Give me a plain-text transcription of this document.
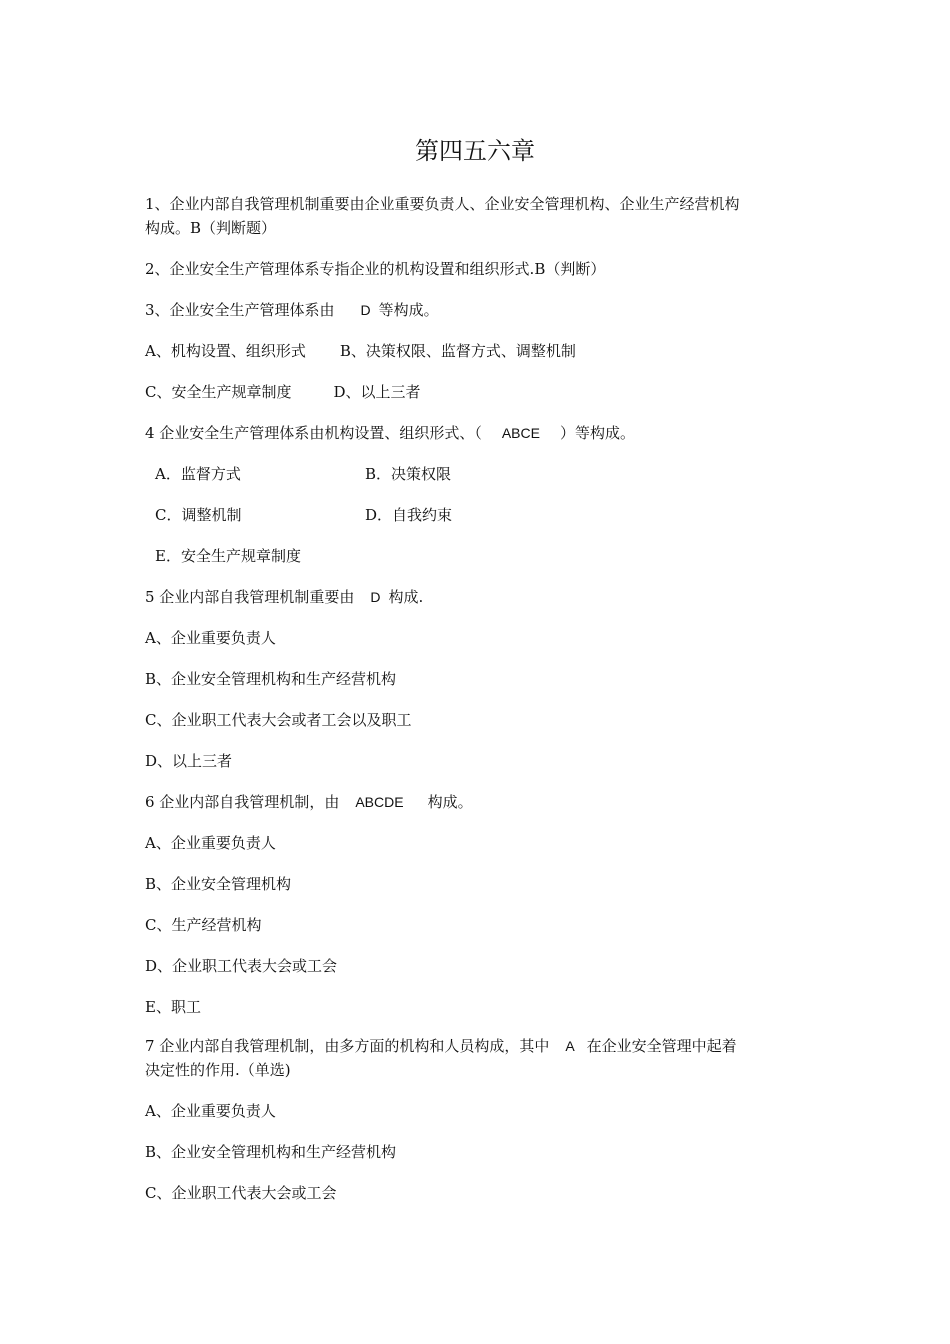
第四五六章
1、企业内部自我管理机制重要由企业重要负责人、企业安全管理机构、企业生产经营机构
构成。B（判断题）
2、企业安全生产管理体系专指企业的机构设置和组织形式.B（判断）
3、企业安全生产管理体系由 D 等构成。
A、机构设置、组织形式 B、决策权限、监督方式、调整机制
C、安全生产规章制度	D、以上三者
4 企业安全生产管理体系由机构设置、组织形式、（ ABCE ）等构成。
A．监督方式	B．决策权限
C．调整机制	D．自我约束
E．安全生产规章制度
5 企业内部自我管理机制重要由 D 构成.
A、企业重要负责人
B、企业安全管理机构和生产经营机构
C、企业职工代表大会或者工会以及职工
D、以上三者
6 企业内部自我管理机制，由 ABCDE 构成。
A、企业重要负责人
B、企业安全管理机构
C、生产经营机构
D、企业职工代表大会或工会
E、职工
7 企业内部自我管理机制，由多方面的机构和人员构成，其中 A 在企业安全管理中起着
决定性的作用.（单选)
A、企业重要负责人
B、企业安全管理机构和生产经营机构
C、企业职工代表大会或工会
